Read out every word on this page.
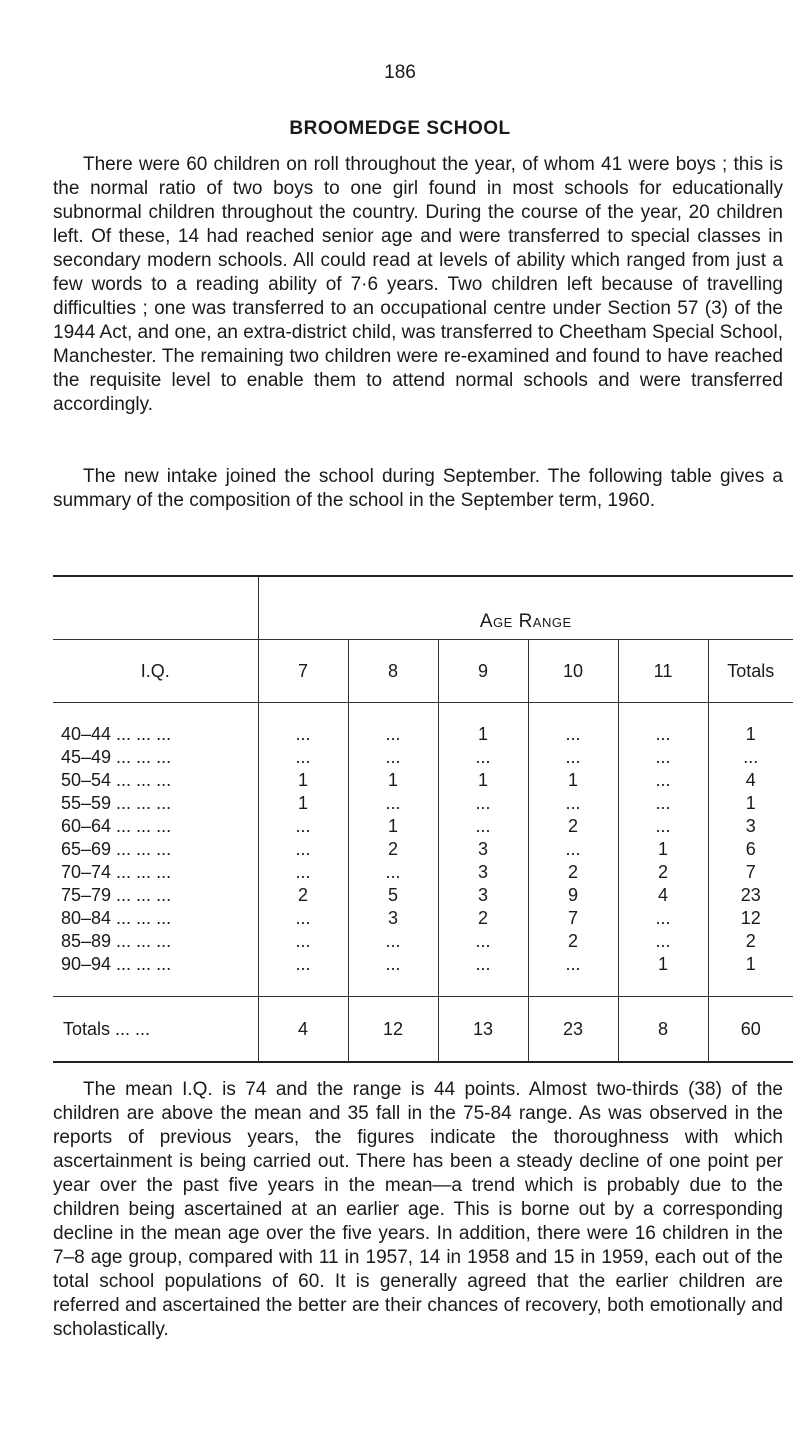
186
BROOMEDGE SCHOOL

There were 60 children on roll throughout the year, of whom 41 were boys ; this is the normal ratio of two boys to one girl found in most schools for educationally subnormal children throughout the country. During the course of the year, 20 children left. Of these, 14 had reached senior age and were transferred to special classes in secondary modern schools. All could read at levels of ability which ranged from just a few words to a reading ability of 7·6 years. Two children left because of travelling difficulties ; one was transferred to an occupational centre under Section 57 (3) of the 1944 Act, and one, an extra-district child, was transferred to Cheetham Special School, Manchester. The remaining two children were re-examined and found to have reached the requisite level to enable them to attend normal schools and were transferred accordingly.

The new intake joined the school during September. The following table gives a summary of the composition of the school in the September term, 1960.

	Age Range					
I.Q.	7	8	9	10	11	Totals

40–44 ... ... ...	...	...	1	...	...	1
45–49 ... ... ...	...	...	...	...	...	...
50–54 ... ... ...	1	1	1	1	...	4
55–59 ... ... ...	1	...	...	...	...	1
60–64 ... ... ...	...	1	...	2	...	3
65–69 ... ... ...	...	2	3	...	1	6
70–74 ... ... ...	...	...	3	2	2	7
75–79 ... ... ...	2	5	3	9	4	23
80–84 ... ... ...	...	3	2	7	...	12
85–89 ... ... ...	...	...	...	2	...	2
90–94 ... ... ...	...	...	...	...	1	1

Totals ... ...	4	12	13	23	8	60

The mean I.Q. is 74 and the range is 44 points. Almost two-thirds (38) of the children are above the mean and 35 fall in the 75-84 range. As was observed in the reports of previous years, the figures indicate the thoroughness with which ascertainment is being carried out. There has been a steady decline of one point per year over the past five years in the mean—a trend which is probably due to the children being ascertained at an earlier age. This is borne out by a corresponding decline in the mean age over the five years. In addition, there were 16 children in the 7–8 age group, compared with 11 in 1957, 14 in 1958 and 15 in 1959, each out of the total school populations of 60. It is generally agreed that the earlier children are referred and ascertained the better are their chances of recovery, both emotionally and scholastically.
